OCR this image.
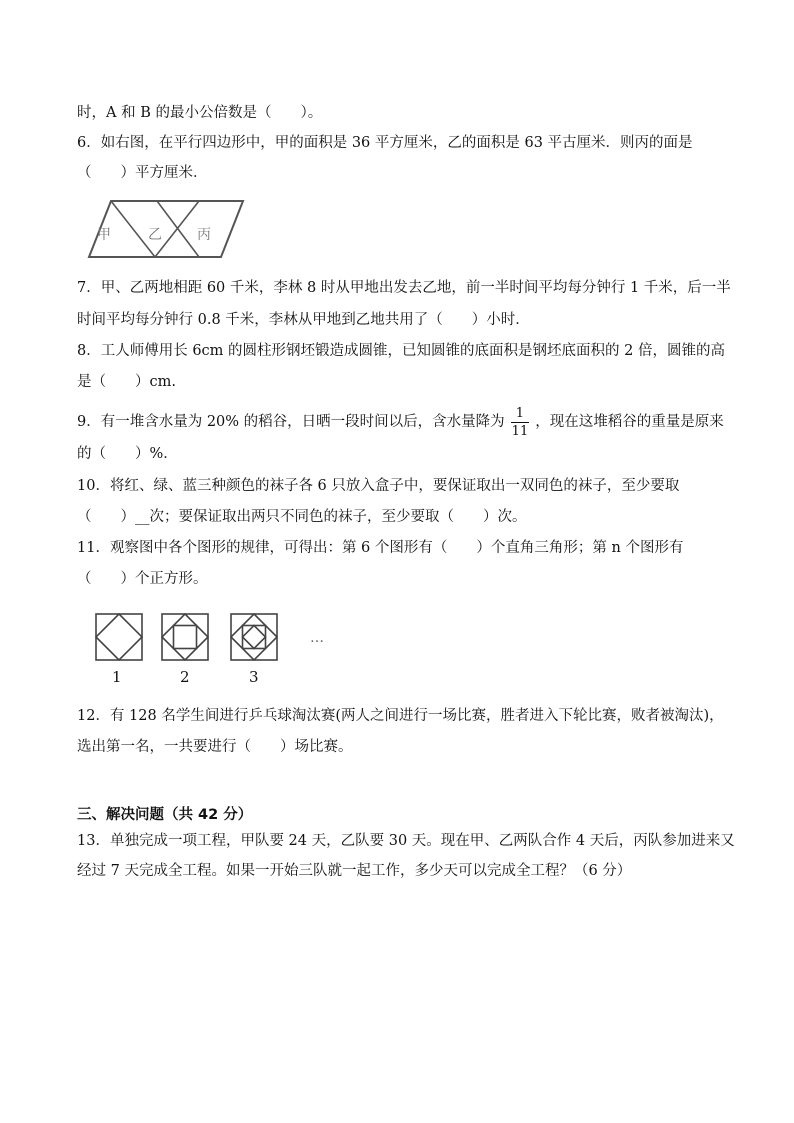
时，A 和 B 的最小公倍数是（　　）。
6．如右图，在平行四边形中，甲的面积是 36 平方厘米，乙的面积是 63 平古厘米．则丙的面是
（　　）平方厘米．
甲	乙	丙
7．甲、乙两地相距 60 千米，李林 8 时从甲地出发去乙地，前一半时间平均每分钟行 1 千米，后一半
时间平均每分钟行 0.8 千米，李林从甲地到乙地共用了（　　）小时．
8．工人师傅用长 6cm 的圆柱形钢坯锻造成圆锥，已知圆锥的底面积是钢坯底面积的 2 倍，圆锥的高
是（　　）cm.
9．有一堆含水量为 20% 的稻谷，日晒一段时间以后，含水量降为 $\frac{1}{11}$ ，现在这堆稻谷的重量是原来
的（　　）%．
10．将红、绿、蓝三种颜色的袜子各 6 只放入盒子中，要保证取出一双同色的袜子，至少要取
（　　）__次；要保证取出两只不同色的袜子，至少要取（　　）次。
11．观察图中各个图形的规律，可得出：第 6 个图形有（　　）个直角三角形；第 n 个图形有
（　　）个正方形。
…
1	2	3
12．有 128 名学生间进行乒乓球淘汰赛(两人之间进行一场比赛，胜者进入下轮比赛，败者被淘汰)，
选出第一名，一共要进行（　　）场比赛。
三、解决问题（共 42 分）
13．单独完成一项工程，甲队要 24 天，乙队要 30 天。现在甲、乙两队合作 4 天后，丙队参加进来又
经过 7 天完成全工程。如果一开始三队就一起工作，多少天可以完成全工程？（6 分）
